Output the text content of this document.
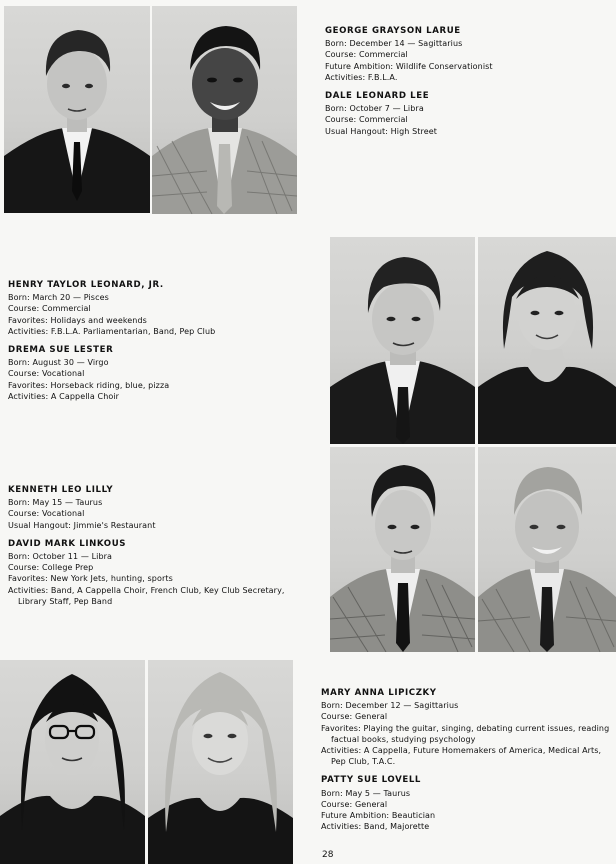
GEORGE GRAYSON LARUE
Born: December 14 — Sagittarius
Course: Commercial
Future Ambition: Wildlife Conservationist
Activities: F.B.L.A.
DALE LEONARD LEE
Born: October 7 — Libra
Course: Commercial
Usual Hangout: High Street
HENRY TAYLOR LEONARD, JR.
Born: March 20 — Pisces
Course: Commercial
Favorites: Holidays and weekends
Activities: F.B.L.A. Parliamentarian, Band, Pep Club
DREMA SUE LESTER
Born: August 30 — Virgo
Course: Vocational
Favorites: Horseback riding, blue, pizza
Activities: A Cappella Choir
KENNETH LEO LILLY
Born: May 15 — Taurus
Course: Vocational
Usual Hangout: Jimmie's Restaurant
DAVID MARK LINKOUS
Born: October 11 — Libra
Course: College Prep
Favorites: New York Jets, hunting, sports
Activities: Band, A Cappella Choir, French Club, Key Club Secretary, Library Staff, Pep Band
MARY ANNA LIPICZKY
Born: December 12 — Sagittarius
Course: General
Favorites: Playing the guitar, singing, debating current issues, reading factual books, studying psychology
Activities: A Cappella, Future Homemakers of America, Medical Arts, Pep Club, T.A.C.
PATTY SUE LOVELL
Born: May 5 — Taurus
Course: General
Future Ambition: Beautician
Activities: Band, Majorette
28
